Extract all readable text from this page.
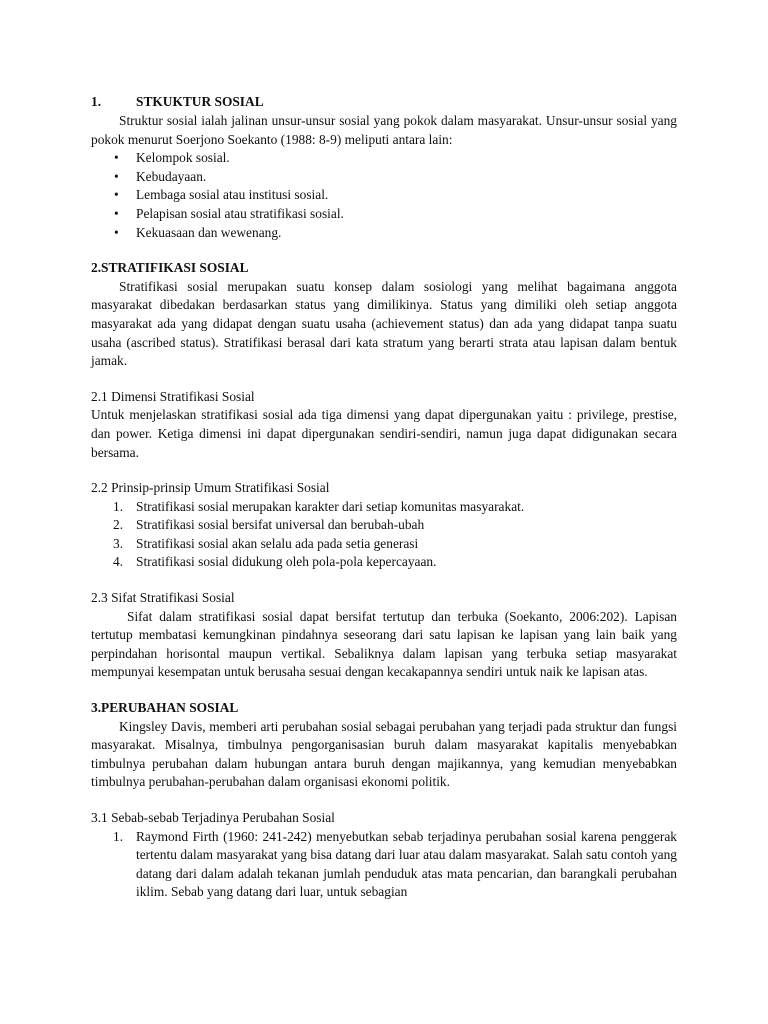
1.	STKUKTUR SOSIAL

Struktur sosial ialah jalinan unsur-unsur sosial yang pokok dalam masyarakat. Unsur-unsur sosial yang pokok menurut Soerjono Soekanto (1988: 8-9) meliputi antara lain:

• Kelompok sosial.
• Kebudayaan.
• Lembaga sosial atau institusi sosial.
• Pelapisan sosial atau stratifikasi sosial.
• Kekuasaan dan wewenang.
2.STRATIFIKASI SOSIAL

Stratifikasi sosial merupakan suatu konsep dalam sosiologi yang melihat bagaimana anggota masyarakat dibedakan berdasarkan status yang dimilikinya. Status yang dimiliki oleh setiap anggota masyarakat ada yang didapat dengan suatu usaha (achievement status) dan ada yang didapat tanpa suatu usaha (ascribed status). Stratifikasi berasal dari kata stratum yang berarti strata atau lapisan dalam bentuk jamak.

2.1 Dimensi Stratifikasi Sosial

Untuk menjelaskan stratifikasi sosial ada tiga dimensi yang dapat dipergunakan yaitu : privilege, prestise, dan power. Ketiga dimensi ini dapat dipergunakan sendiri-sendiri, namun juga dapat didigunakan secara bersama.

2.2 Prinsip-prinsip Umum Stratifikasi Sosial
1. Stratifikasi sosial merupakan karakter dari setiap komunitas masyarakat.
2. Stratifikasi sosial bersifat universal dan berubah-ubah
3. Stratifikasi sosial akan selalu ada pada setia generasi
4. Stratifikasi sosial didukung oleh pola-pola kepercayaan.
2.3 Sifat Stratifikasi Sosial

Sifat dalam stratifikasi sosial dapat bersifat tertutup dan terbuka (Soekanto, 2006:202). Lapisan tertutup membatasi kemungkinan pindahnya seseorang dari satu lapisan ke lapisan yang lain baik yang perpindahan horisontal maupun vertikal. Sebaliknya dalam lapisan yang terbuka setiap masyarakat mempunyai kesempatan untuk berusaha sesuai dengan kecakapannya sendiri untuk naik ke lapisan atas.

3.PERUBAHAN SOSIAL

Kingsley Davis, memberi arti perubahan sosial sebagai perubahan yang terjadi pada struktur dan fungsi masyarakat. Misalnya, timbulnya pengorganisasian buruh dalam masyarakat kapitalis menyebabkan timbulnya perubahan dalam hubungan antara buruh dengan majikannya, yang kemudian menyebabkan timbulnya perubahan-perubahan dalam organisasi ekonomi politik.

3.1 Sebab-sebab Terjadinya Perubahan Sosial
1. Raymond Firth (1960: 241-242) menyebutkan sebab terjadinya perubahan sosial karena penggerak tertentu dalam masyarakat yang bisa datang dari luar atau dalam masyarakat. Salah satu contoh yang datang dari dalam adalah tekanan jumlah penduduk atas mata pencarian, dan barangkali perubahan iklim. Sebab yang datang dari luar, untuk sebagian
